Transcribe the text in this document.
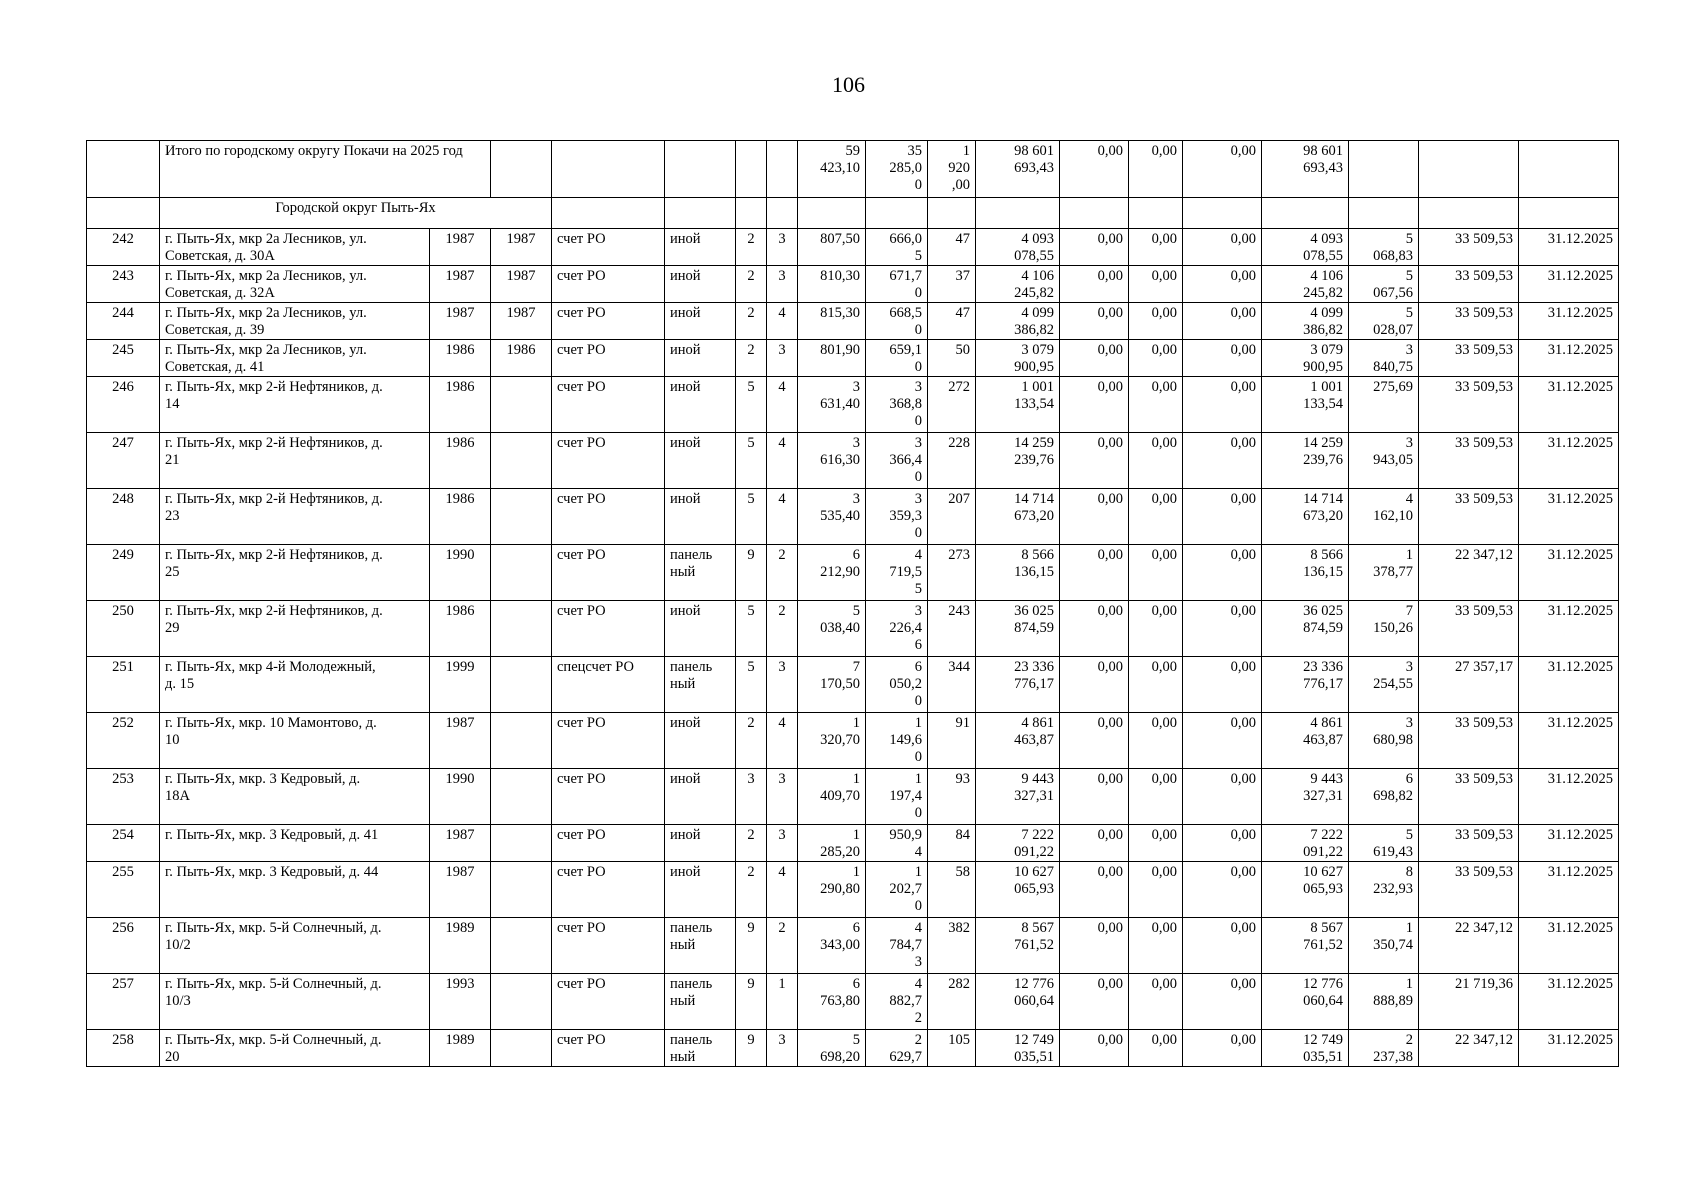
106
	Итого по городскому округу Покачи на 2025 год							59
423,10	35
285,0
0	1
920
,00	98 601
693,43	0,00	0,00	0,00	98 601
693,43			
	Городской округ Пыть-Ях																	
242	г. Пыть-Ях, мкр 2а Лесников, ул.
Советская, д. 30А	1987	1987	счет РО	иной	2	3	807,50	666,0
5	47	4 093
078,55	0,00	0,00	0,00	4 093
078,55	5
068,83	33 509,53	31.12.2025
243	г. Пыть-Ях, мкр 2а Лесников, ул.
Советская, д. 32А	1987	1987	счет РО	иной	2	3	810,30	671,7
0	37	4 106
245,82	0,00	0,00	0,00	4 106
245,82	5
067,56	33 509,53	31.12.2025
244	г. Пыть-Ях, мкр 2а Лесников, ул.
Советская, д. 39	1987	1987	счет РО	иной	2	4	815,30	668,5
0	47	4 099
386,82	0,00	0,00	0,00	4 099
386,82	5
028,07	33 509,53	31.12.2025
245	г. Пыть-Ях, мкр 2а Лесников, ул.
Советская, д. 41	1986	1986	счет РО	иной	2	3	801,90	659,1
0	50	3 079
900,95	0,00	0,00	0,00	3 079
900,95	3
840,75	33 509,53	31.12.2025
246	г. Пыть-Ях, мкр 2-й Нефтяников, д.
14	1986		счет РО	иной	5	4	3
631,40	3
368,8
0	272	1 001
133,54	0,00	0,00	0,00	1 001
133,54	275,69	33 509,53	31.12.2025
247	г. Пыть-Ях, мкр 2-й Нефтяников, д.
21	1986		счет РО	иной	5	4	3
616,30	3
366,4
0	228	14 259
239,76	0,00	0,00	0,00	14 259
239,76	3
943,05	33 509,53	31.12.2025
248	г. Пыть-Ях, мкр 2-й Нефтяников, д.
23	1986		счет РО	иной	5	4	3
535,40	3
359,3
0	207	14 714
673,20	0,00	0,00	0,00	14 714
673,20	4
162,10	33 509,53	31.12.2025
249	г. Пыть-Ях, мкр 2-й Нефтяников, д.
25	1990		счет РО	панель
ный	9	2	6
212,90	4
719,5
5	273	8 566
136,15	0,00	0,00	0,00	8 566
136,15	1
378,77	22 347,12	31.12.2025
250	г. Пыть-Ях, мкр 2-й Нефтяников, д.
29	1986		счет РО	иной	5	2	5
038,40	3
226,4
6	243	36 025
874,59	0,00	0,00	0,00	36 025
874,59	7
150,26	33 509,53	31.12.2025
251	г. Пыть-Ях, мкр 4-й Молодежный,
д. 15	1999		спецсчет РО	панель
ный	5	3	7
170,50	6
050,2
0	344	23 336
776,17	0,00	0,00	0,00	23 336
776,17	3
254,55	27 357,17	31.12.2025
252	г. Пыть-Ях, мкр. 10 Мамонтово, д.
10	1987		счет РО	иной	2	4	1
320,70	1
149,6
0	91	4 861
463,87	0,00	0,00	0,00	4 861
463,87	3
680,98	33 509,53	31.12.2025
253	г. Пыть-Ях, мкр. 3 Кедровый, д.
18А	1990		счет РО	иной	3	3	1
409,70	1
197,4
0	93	9 443
327,31	0,00	0,00	0,00	9 443
327,31	6
698,82	33 509,53	31.12.2025
254	г. Пыть-Ях, мкр. 3 Кедровый, д. 41	1987		счет РО	иной	2	3	1
285,20	950,9
4	84	7 222
091,22	0,00	0,00	0,00	7 222
091,22	5
619,43	33 509,53	31.12.2025
255	г. Пыть-Ях, мкр. 3 Кедровый, д. 44	1987		счет РО	иной	2	4	1
290,80	1
202,7
0	58	10 627
065,93	0,00	0,00	0,00	10 627
065,93	8
232,93	33 509,53	31.12.2025
256	г. Пыть-Ях, мкр. 5-й Солнечный, д.
10/2	1989		счет РО	панель
ный	9	2	6
343,00	4
784,7
3	382	8 567
761,52	0,00	0,00	0,00	8 567
761,52	1
350,74	22 347,12	31.12.2025
257	г. Пыть-Ях, мкр. 5-й Солнечный, д.
10/3	1993		счет РО	панель
ный	9	1	6
763,80	4
882,7
2	282	12 776
060,64	0,00	0,00	0,00	12 776
060,64	1
888,89	21 719,36	31.12.2025
258	г. Пыть-Ях, мкр. 5-й Солнечный, д.
20	1989		счет РО	панель
ный	9	3	5
698,20	2
629,7	105	12 749
035,51	0,00	0,00	0,00	12 749
035,51	2
237,38	22 347,12	31.12.2025
